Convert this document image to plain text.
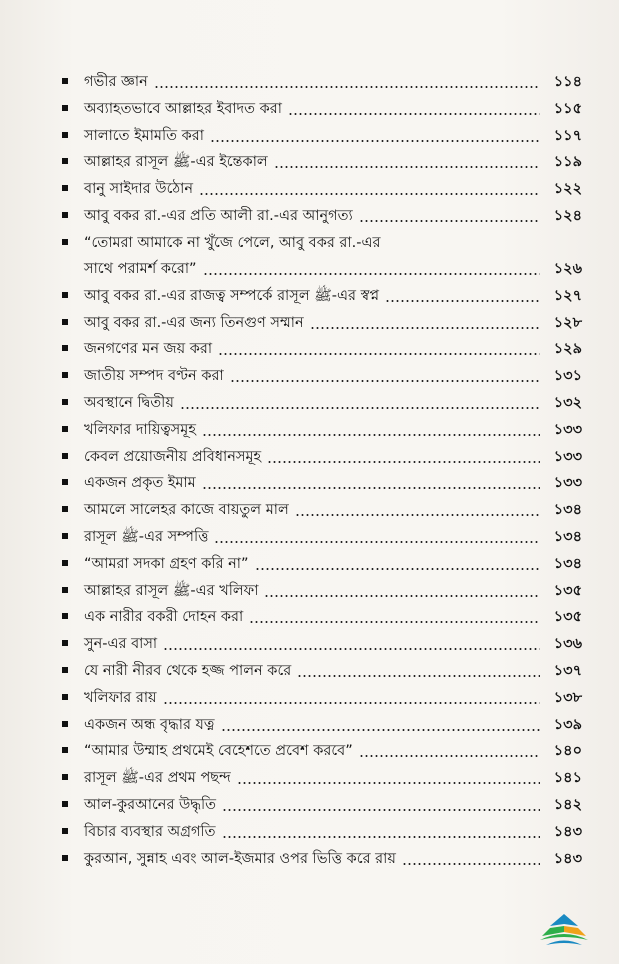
গভীর জ্ঞান	১১৪
অব্যাহতভাবে আল্লাহর ইবাদত করা	১১৫
সালাতে ইমামতি করা	১১৭
আল্লাহর রাসূল ﷺ-এর ইন্তেকাল	১১৯
বানু সাইদার উঠোন	১২২
আবু বকর রা.-এর প্রতি আলী রা.-এর আনুগত্য	১২৪
“তোমরা আমাকে না খুঁজে পেলে, আবু বকর রা.-এর
সাথে পরামর্শ করো”	১২৬
আবু বকর রা.-এর রাজত্ব সম্পর্কে রাসূল ﷺ-এর স্বপ্ন	১২৭
আবু বকর রা.-এর জন্য তিনগুণ সম্মান	১২৮
জনগণের মন জয় করা	১২৯
জাতীয় সম্পদ বণ্টন করা	১৩১
অবস্থানে দ্বিতীয়	১৩২
খলিফার দায়িত্বসমূহ	১৩৩
কেবল প্রয়োজনীয় প্রবিধানসমূহ	১৩৩
একজন প্রকৃত ইমাম	১৩৩
আমলে সালেহর কাজে বায়তুল মাল	১৩৪
রাসূল ﷺ-এর সম্পত্তি	১৩৪
“আমরা সদকা গ্রহণ করি না”	১৩৪
আল্লাহর রাসূল ﷺ-এর খলিফা	১৩৫
এক নারীর বকরী দোহন করা	১৩৫
সুন-এর বাসা	১৩৬
যে নারী নীরব থেকে হজ্জ পালন করে	১৩৭
খলিফার রায়	১৩৮
একজন অন্ধ বৃদ্ধার যত্ন	১৩৯
“আমার উম্মাহ প্রথমেই বেহেশতে প্রবেশ করবে”	১৪০
রাসূল ﷺ-এর প্রথম পছন্দ	১৪১
আল-কুরআনের উদ্ধৃতি	১৪২
বিচার ব্যবস্থার অগ্রগতি	১৪৩
কুরআন, সুন্নাহ এবং আল-ইজমার ওপর ভিত্তি করে রায়	১৪৩
